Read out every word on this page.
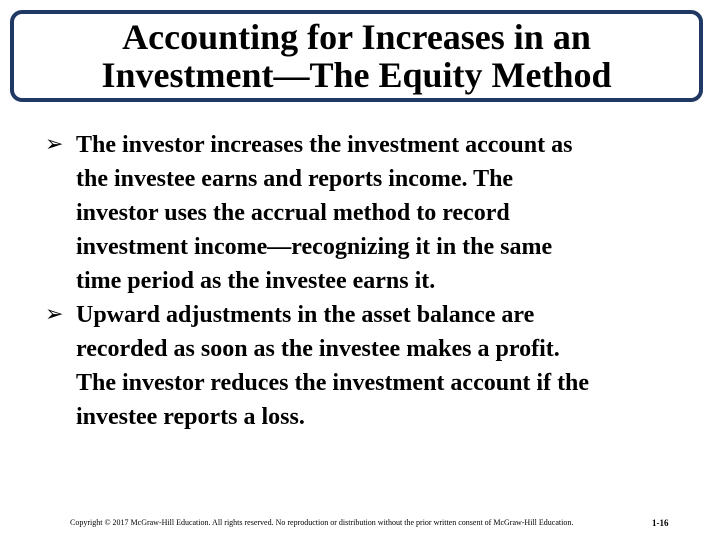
Accounting for Increases in an
Investment—The Equity Method
➢ The investor increases the investment account as
the investee earns and reports income. The
investor uses the accrual method to record
investment income—recognizing it in the same
time period as the investee earns it.
➢ Upward adjustments in the asset balance are
recorded as soon as the investee makes a profit.
The investor reduces the investment account if the
investee reports a loss.
Copyright © 2017 McGraw-Hill Education. All rights reserved. No reproduction or distribution without the prior written consent of McGraw-Hill Education.	1-16
